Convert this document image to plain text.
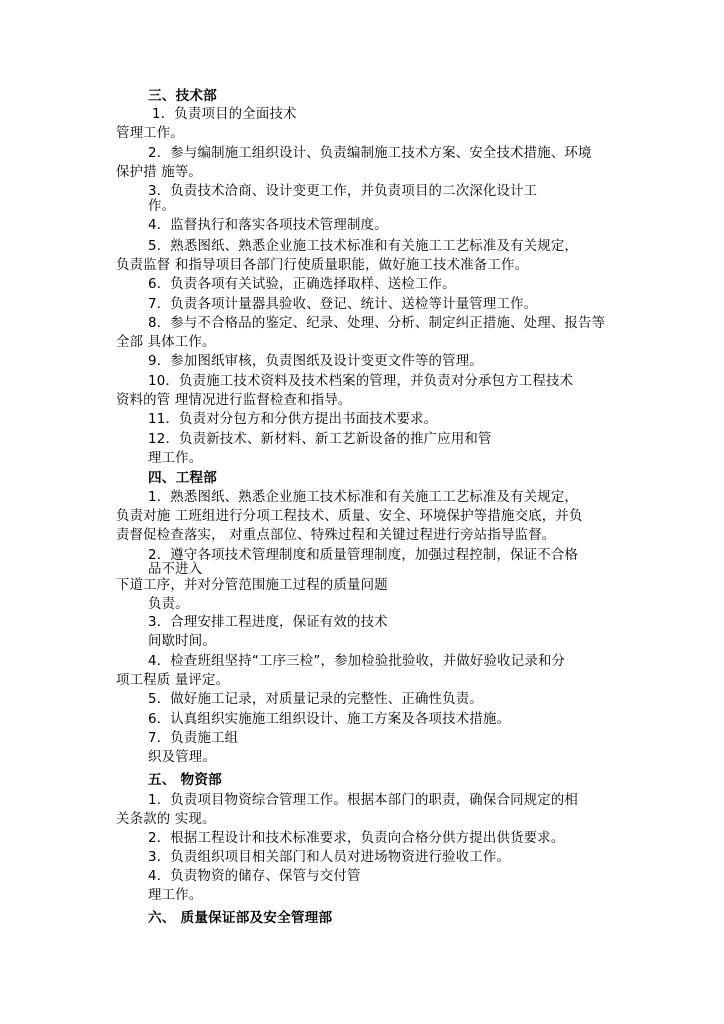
三、技术部
1．负责项目的全面技术
管理工作。
2．参与编制施工组织设计、负责编制施工技术方案、安全技术措施、环境
保护措 施等。
3．负责技术洽商、设计变更工作，并负责项目的二次深化设计工
作。
4．监督执行和落实各项技术管理制度。
5．熟悉图纸、熟悉企业施工技术标准和有关施工工艺标准及有关规定，
负责监督 和指导项目各部门行使质量职能，做好施工技术准备工作。
6．负责各项有关试验，正确选择取样、送检工作。
7．负责各项计量器具验收、登记、统计、送检等计量管理工作。
8．参与不合格品的鉴定、纪录、处理、分析、制定纠正措施、处理、报告等
全部 具体工作。
9．参加图纸审核，负责图纸及设计变更文件等的管理。
10．负责施工技术资料及技术档案的管理，并负责对分承包方工程技术
资料的管 理情况进行监督检查和指导。
11．负责对分包方和分供方提出书面技术要求。
12．负责新技术、新材料、新工艺新设备的推广应用和管
理工作。
四、工程部
1．熟悉图纸、熟悉企业施工技术标准和有关施工工艺标准及有关规定，
负责对施 工班组进行分项工程技术、质量、安全、环境保护等措施交底，并负
责督促检查落实， 对重点部位、特殊过程和关键过程进行旁站指导监督。
2．遵守各项技术管理制度和质量管理制度，加强过程控制，保证不合格
品不进入
下道工序，并对分管范围施工过程的质量问题
负责。
3．合理安排工程进度，保证有效的技术
间歇时间。
4．检查班组坚持“工序三检”，参加检验批验收，并做好验收记录和分
项工程质 量评定。
5．做好施工记录，对质量记录的完整性、正确性负责。
6．认真组织实施施工组织设计、施工方案及各项技术措施。
7．负责施工组
织及管理。
五、 物资部
1．负责项目物资综合管理工作。根据本部门的职责，确保合同规定的相
关条款的 实现。
2．根据工程设计和技术标准要求，负责向合格分供方提出供货要求。
3．负责组织项目相关部门和人员对进场物资进行验收工作。
4．负责物资的储存、保管与交付管
理工作。
六、 质量保证部及安全管理部
